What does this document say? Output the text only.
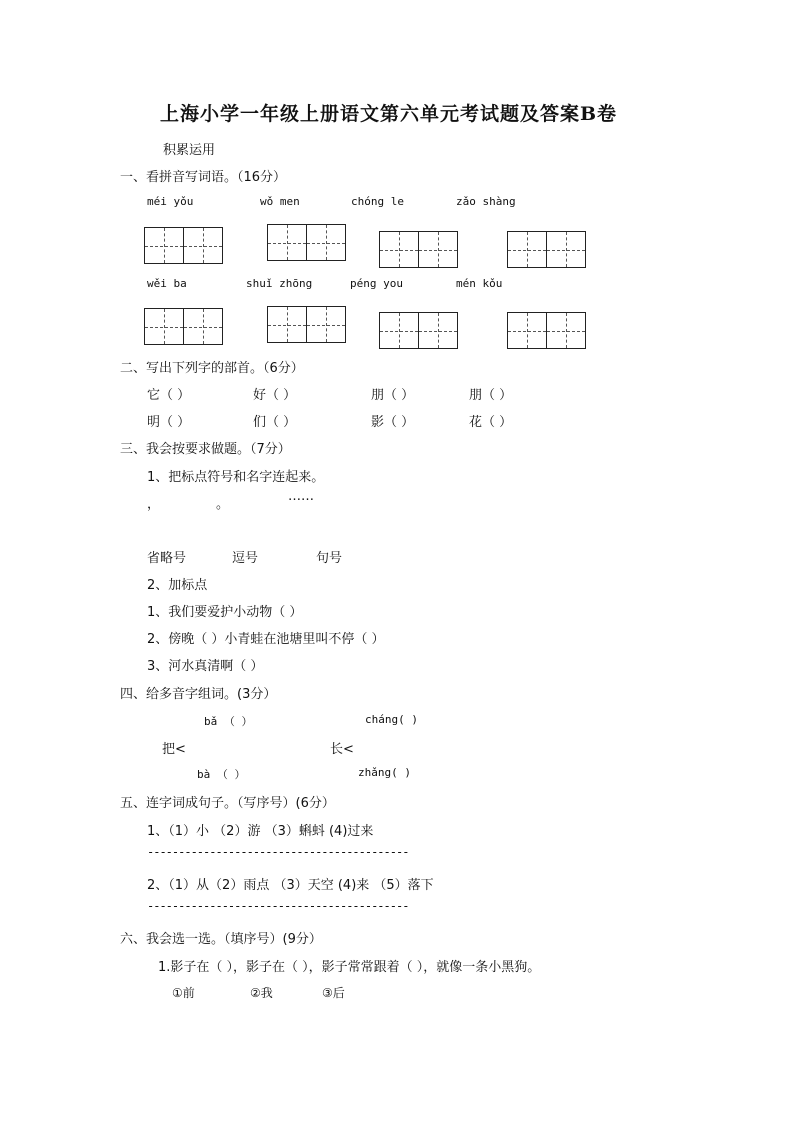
上海小学一年级上册语文第六单元考试题及答案B卷
积累运用
一、看拼音写词语。（16分）
méi yǒu	wǒ men	chóng le	zǎo shàng
wěi ba	shuǐ zhōng	péng you	mén kǒu
二、写出下列字的部首。（6分）
它（ ）	好（ ）	朋（ ）	朋（ ）
明（ ）	们（ ）	影（ ）	花（ ）
三、我会按要求做题。（7分）
1、把标点符号和名字连起来。
，	。
……
省略号	逗号	句号
2、加标点
1、我们要爱护小动物（ ）
2、傍晚（ ）小青蛙在池塘里叫不停（ ）
3、河水真清啊（ ）
四、给多音字组词。(3分）
bǎ （ ）	cháng( )
把<	长<
bà （ ）	zhǎng( )
五、连字词成句子。（写序号）(6分）
1、（1）小 （2）游 （3）蝌蚪 (4)过来
------------------------------------------
2、（1）从（2）雨点 （3）天空 (4)来 （5）落下
------------------------------------------
六、我会选一选。（填序号）(9分）
1.影子在（ ），影子在（ ），影子常常跟着（ ），就像一条小黑狗。
①前	②我	③后
